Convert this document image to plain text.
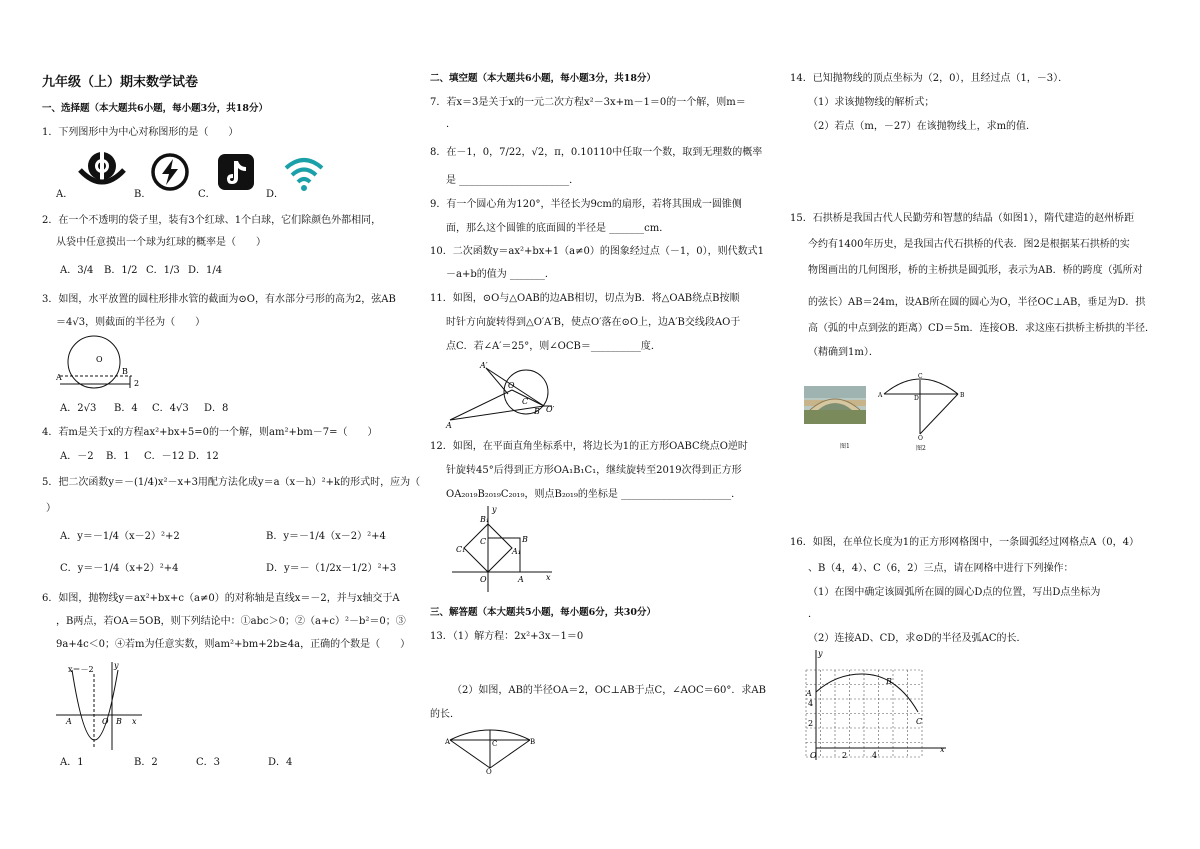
九年级（上）期末数学试卷
一、选择题（本大题共6小题，每小题3分，共18分）
1．下列图形中为中心对称图形的是（　　）
A．	B．	C．	D．
2．在一个不透明的袋子里，装有3个红球、1个白球，它们除颜色外都相同，
从袋中任意摸出一个球为红球的概率是（　　）
A．3/4 B．1/2 C．1/3 D．1/4
3．如图，水平放置的圆柱形排水管的截面为⊙O，有水部分弓形的高为2，弦AB
＝4√3，则截面的半径为（　　）
O
A
B
2
A．2√3 B．4 C．4√3 D．8
4．若m是关于x的方程ax²+bx+5=0的一个解，则am²+bm－7=（　　）
A．－2 B．1 C．－12 D．12
5．把二次函数y＝－(1/4)x²－x+3用配方法化成y＝a（x－h）²+k的形式时，应为（
）
A．y＝－1/4（x－2）²+2	B．y＝－1/4（x－2）²+4
C．y＝－1/4（x+2）²+4	D．y＝－（1/2x－1/2）²+3
6．如图，抛物线y＝ax²+bx+c（a≠0）的对称轴是直线x＝－2，并与x轴交于A
，B两点，若OA＝5OB，则下列结论中：①abc＞0；②（a+c）²－b²＝0；③
9a+4c＜0；④若m为任意实数，则am²+bm+2b≥4a，正确的个数是（　　）
x＝－2	y
A	O B x
A．1	B．2	C．3	D．4
二、填空题（本大题共6小题，每小题3分，共18分）
7．若x＝3是关于x的一元二次方程x²－3x+m－1＝0的一个解，则m＝
．
8．在－1，0，7/22，√2，π，0.10110中任取一个数，取到无理数的概率
是 ______________________．
9．有一个圆心角为120°，半径长为9cm的扇形，若将其围成一圆锥侧
面，那么这个圆锥的底面圆的半径是 _______cm．
10．二次函数y＝ax²+bx+1（a≠0）的图象经过点（－1，0），则代数式1
－a+b的值为 _______．
11．如图，⊙O与△OAB的边AB相切，切点为B．将△OAB绕点B按顺
时针方向旋转得到△O′A′B，使点O′落在⊙O上，边A′B交线段AO于
点C．若∠A′＝25°，则∠OCB＝__________度．
A′
O
C
B O′
A
12．如图，在平面直角坐标系中，将边长为1的正方形OABC绕点O逆时
针旋转45°后得到正方形OA₁B₁C₁，继续旋转至2019次得到正方形
OA₂₀₁₉B₂₀₁₉C₂₀₁₉，则点B₂₀₁₉的坐标是 ______________________．
y
B₁
C₁
C	B
A₁
O	A	x
三、解答题（本大题共5小题，每小题6分，共30分）
13．（1）解方程：2x²+3x－1＝0
（2）如图，AB的半径OA＝2，OC⊥AB于点C，∠AOC＝60°．求AB
的长．
A	C	B
O
14．已知抛物线的顶点坐标为（2，0），且经过点（1，－3）．
（1）求该抛物线的解析式；
（2）若点（m，－27）在该抛物线上，求m的值．
15．石拱桥是我国古代人民勤劳和智慧的结晶（如图1），隋代建造的赵州桥距
今约有1400年历史，是我国古代石拱桥的代表．图2是根据某石拱桥的实
物图画出的几何图形，桥的主桥拱是圆弧形，表示为AB．桥的跨度（弧所对
的弦长）AB＝24m，设AB所在圆的圆心为O，半径OC⊥AB，垂足为D．拱
高（弧的中点到弦的距离）CD＝5m．连接OB．求这座石拱桥主桥拱的半径．
（精确到1m）．
图1
A
C
D	B
O
图2
16．如图，在单位长度为1的正方形网格图中，一条圆弧经过网格点A（0，4）
、B（4，4）、C（6，2）三点，请在网格中进行下列操作：
（1）在图中确定该圆弧所在圆的圆心D点的位置，写出D点坐标为
．
（2）连接AD、CD，求⊙D的半径及弧AC的长．
y
A
B
4
2	C
O	2	4
x
